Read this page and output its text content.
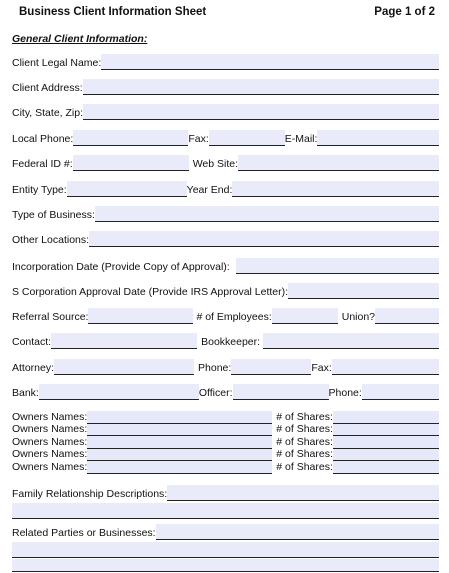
Business Client Information Sheet	Page 1 of 2
General Client Information:
Client Legal Name:
Client Address:
City, State, Zip:
Local Phone:	Fax:	E-Mail:
Federal ID #:	Web Site:
Entity Type:	Year End:
Type of Business:
Other Locations:
Incorporation Date (Provide Copy of Approval):
S Corporation Approval Date (Provide IRS Approval Letter):
Referral Source:	# of Employees:	Union?
Contact:	Bookkeeper:
Attorney:	Phone:	Fax:
Bank:	Officer:	Phone:
Owners Names:	# of Shares:
Owners Names:	# of Shares:
Owners Names:	# of Shares:
Owners Names:	# of Shares:
Owners Names:	# of Shares:
Family Relationship Descriptions:
Related Parties or Businesses:
